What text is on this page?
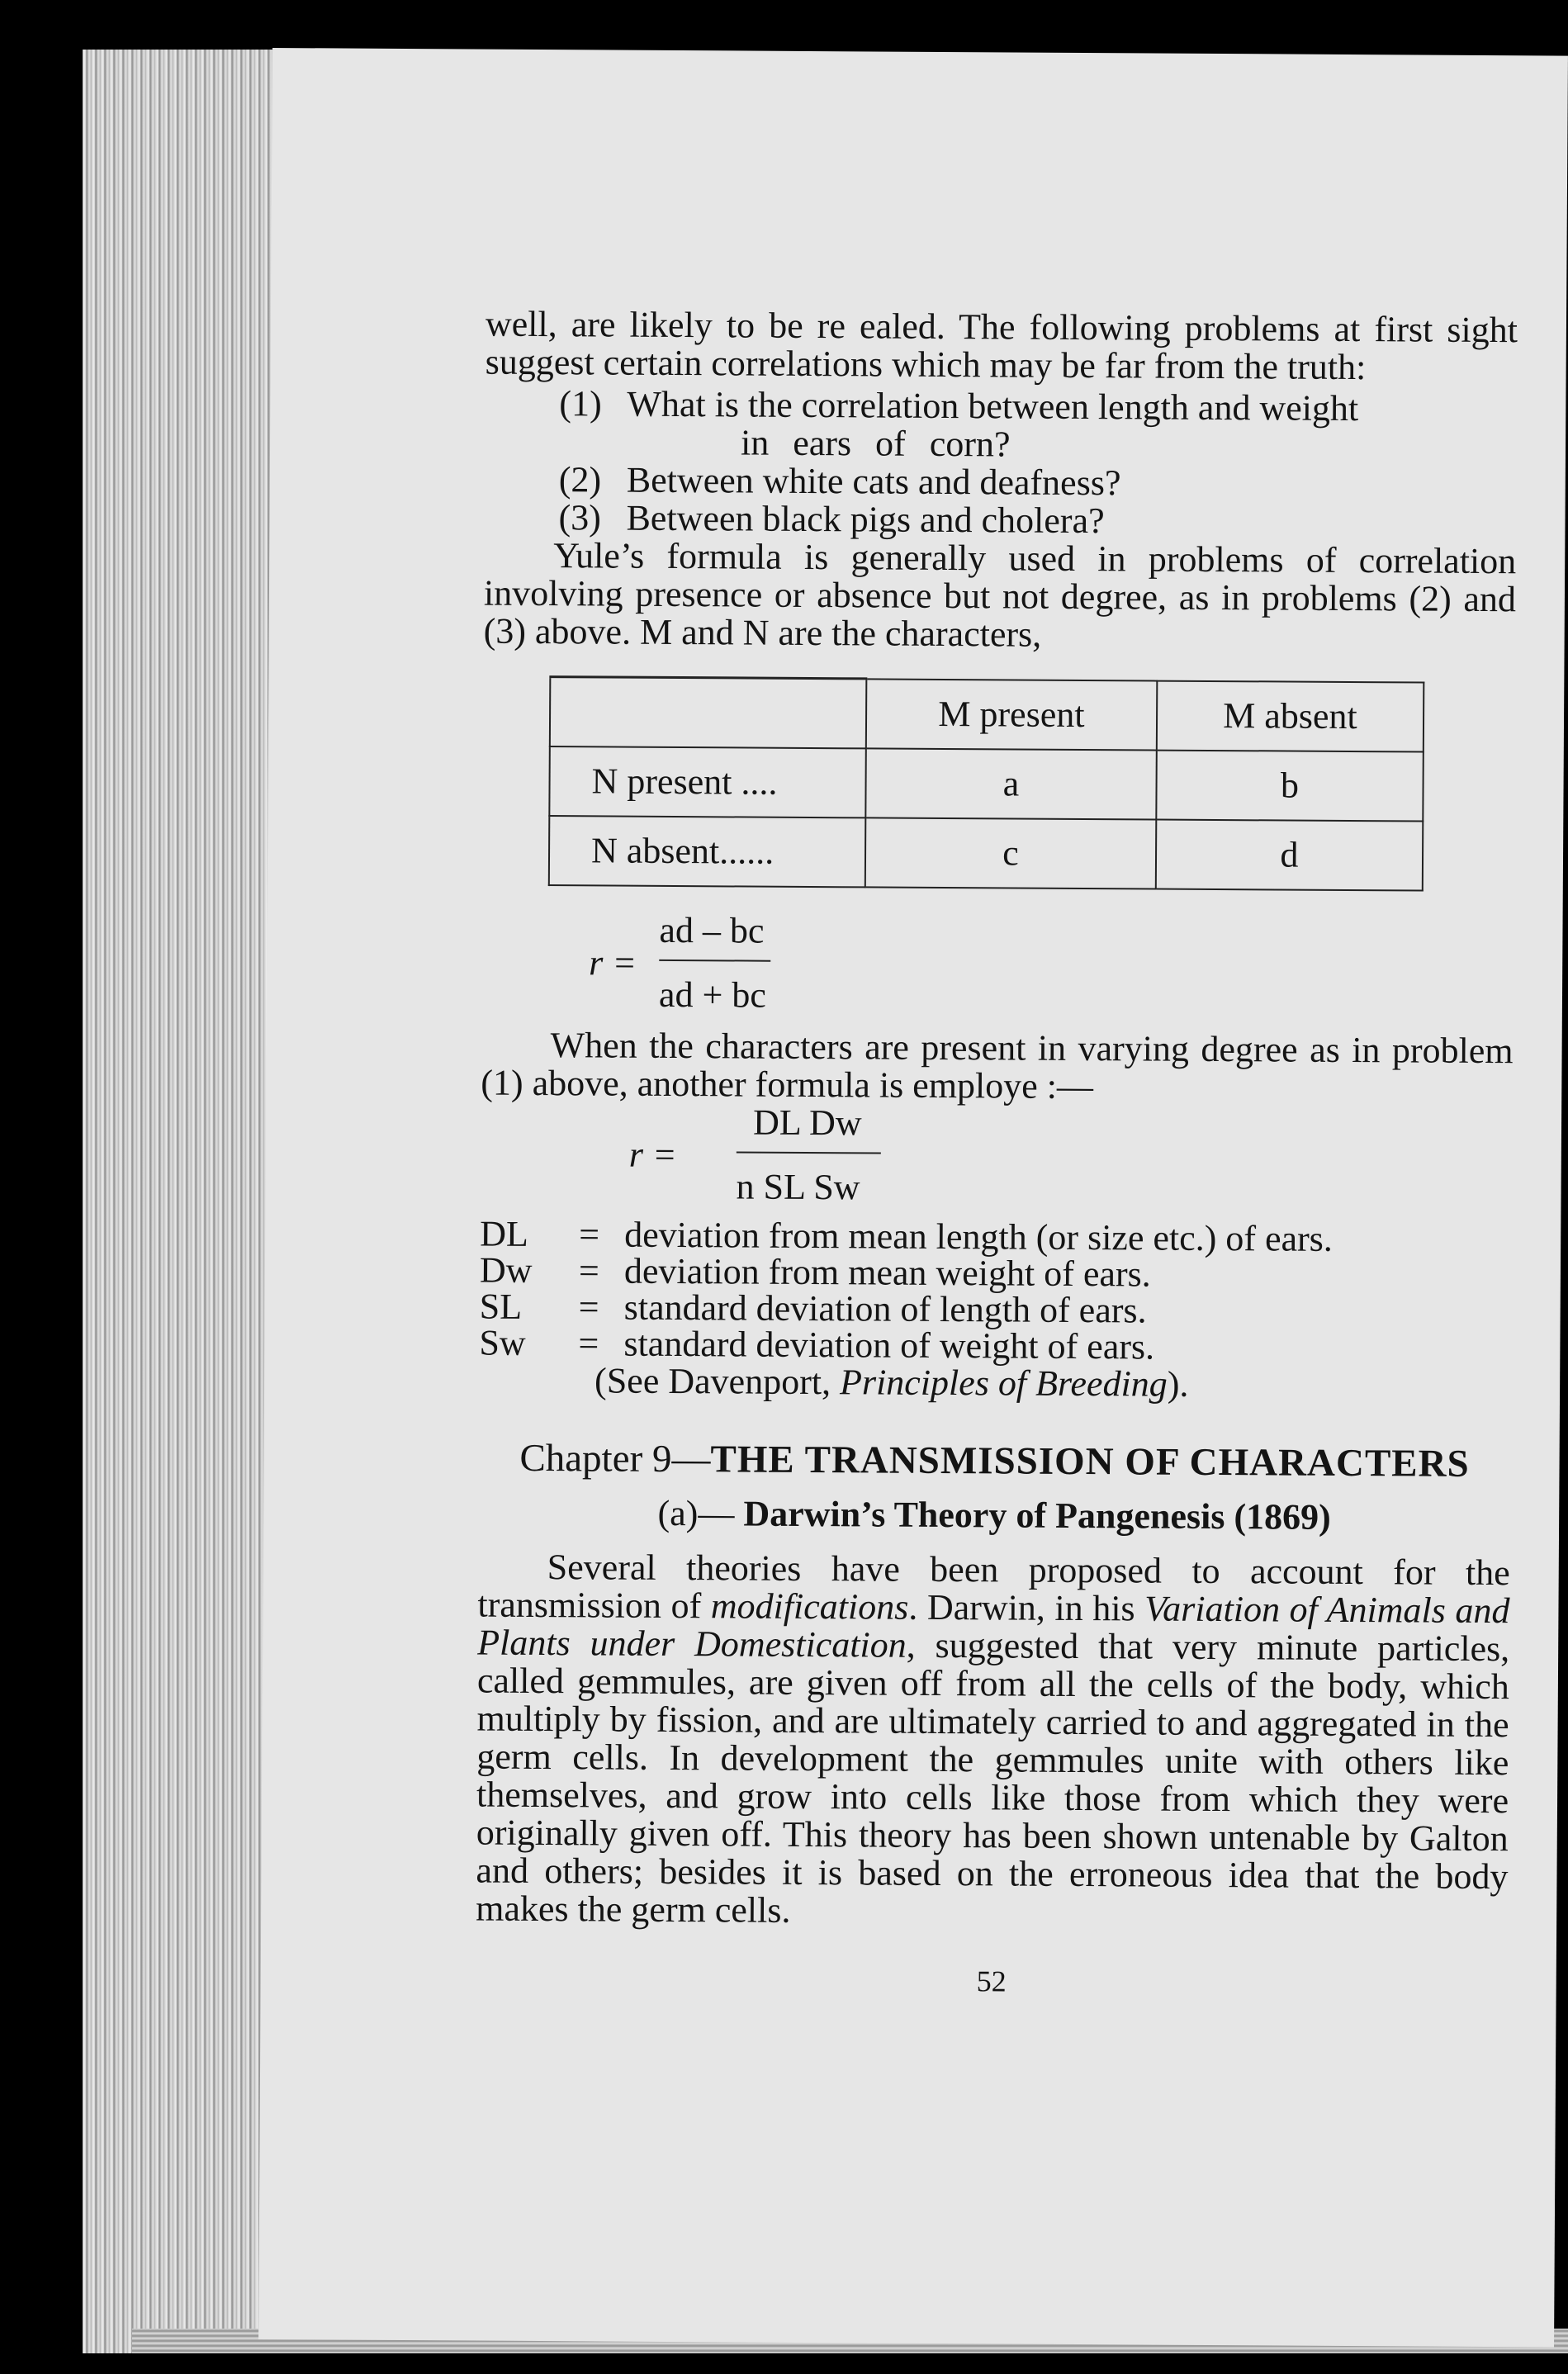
well, are likely to be re ealed. The following problems at first sight suggest certain correlations which may be far from the truth:

(1) What is the correlation between length and weight
in ears of corn?
(2) Between white cats and deafness?
(3) Between black pigs and cholera?

Yule’s formula is generally used in problems of correlation involving presence or absence but not degree, as in problems (2) and (3) above. M and N are the characters,

	M present	M absent
N present ....	a	b
N absent......	c	d
r =
ad – bc
ad + bc

When the characters are present in varying degree as in problem (1) above, another formula is employe :—

r =
DL Dw
n SL Sw
DL	= deviation from mean length (or size etc.) of ears.
Dw	= deviation from mean weight of ears.
SL	= standard deviation of length of ears.
Sw	= standard deviation of weight of ears.
(See Davenport, Principles of Breeding).
Chapter 9—THE TRANSMISSION OF CHARACTERS
(a)— Darwin’s Theory of Pangenesis (1869)

Several theories have been proposed to account for the transmission of modifications. Darwin, in his Variation of Animals and Plants under Domestication, suggested that very minute particles, called gemmules, are given off from all the cells of the body, which multiply by fission, and are ultimately carried to and aggregated in the germ cells. In development the gemmules unite with others like themselves, and grow into cells like those from which they were originally given off. This theory has been shown untenable by Galton and others; besides it is based on the erroneous idea that the body makes the germ cells.

52
